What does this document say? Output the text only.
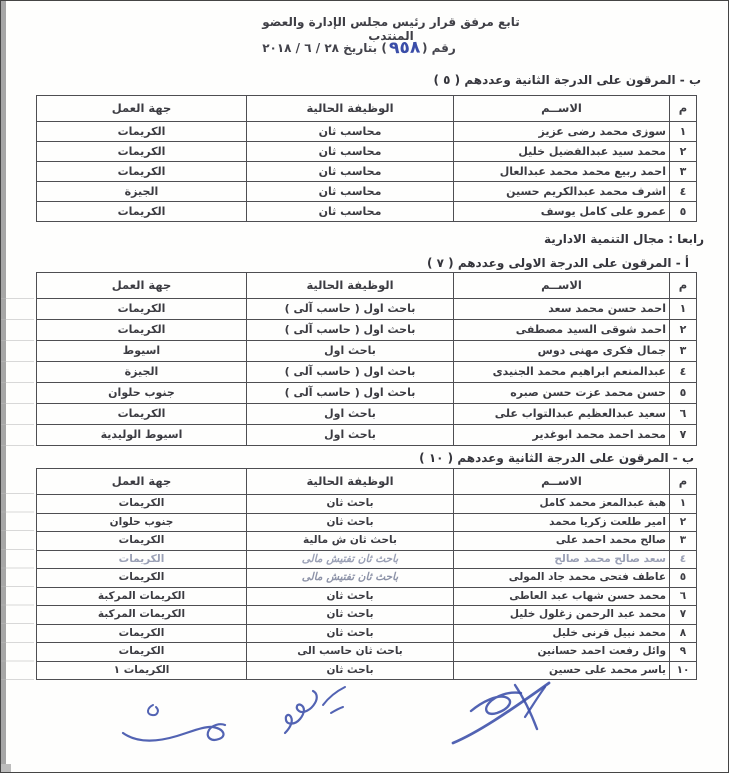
تابع مرفق قرار رئيس مجلس الإدارة والعضو المنتدب
رقم (٩٥٨) بتاريخ ٢٨ / ٦ / ٢٠١٨
ب - المرقون على الدرجة الثانية وعددهم ( ٥ )
م	الاســم	الوظيفة الحالية	جهة العمل
١	سوزى محمد رضى عزيز	محاسب ثان	الكريمات
٢	محمد سيد عبدالفضيل خليل	محاسب ثان	الكريمات
٣	احمد ربيع محمد محمد عبدالعال	محاسب ثان	الكريمات
٤	اشرف محمد عبدالكريم حسين	محاسب ثان	الجيزة
٥	عمرو على كامل يوسف	محاسب ثان	الكريمات
رابعا : مجال التنمية الادارية
أ - المرقون على الدرجة الاولى وعددهم ( ٧ )
م	الاســم	الوظيفة الحالية	جهة العمل
١	احمد حسن محمد سعد	باحث اول ( حاسب آلى )	الكريمات
٢	احمد شوقى السيد مصطفى	باحث اول ( حاسب آلى )	الكريمات
٣	جمال فكرى مهنى دوس	باحث اول	اسيوط
٤	عبدالمنعم ابراهيم محمد الجنيدى	باحث اول ( حاسب آلى )	الجيزة
٥	حسن محمد عزت حسن صبره	باحث اول ( حاسب آلى )	جنوب حلوان
٦	سعيد عبدالعظيم عبدالتواب على	باحث اول	الكريمات
٧	محمد احمد محمد ابوغدير	باحث اول	اسيوط الوليدية
ب - المرقون على الدرجة الثانية وعددهم ( ١٠ )
م	الاســم	الوظيفة الحالية	جهة العمل
١	هبة عبدالمعز محمد كامل	باحث ثان	الكريمات
٢	امير طلعت زكريا محمد	باحث ثان	جنوب حلوان
٣	صالح محمد احمد على	باحث ثان ش مالية	الكريمات
٤	سعد صالح محمد صالح	باحث ثان تفتيش مالى	الكريمات
٥	عاطف فتحى محمد جاد المولى	باحث ثان تفتيش مالى	الكريمات
٦	محمد حسن شهاب عبد العاطى	باحث ثان	الكريمات المركبة
٧	محمد عبد الرحمن زغلول خليل	باحث ثان	الكريمات المركبة
٨	محمد نبيل قرنى خليل	باحث ثان	الكريمات
٩	وائل رفعت احمد حسانين	باحث ثان حاسب الى	الكريمات
١٠	ياسر محمد على حسين	باحث ثان	الكريمات ١
